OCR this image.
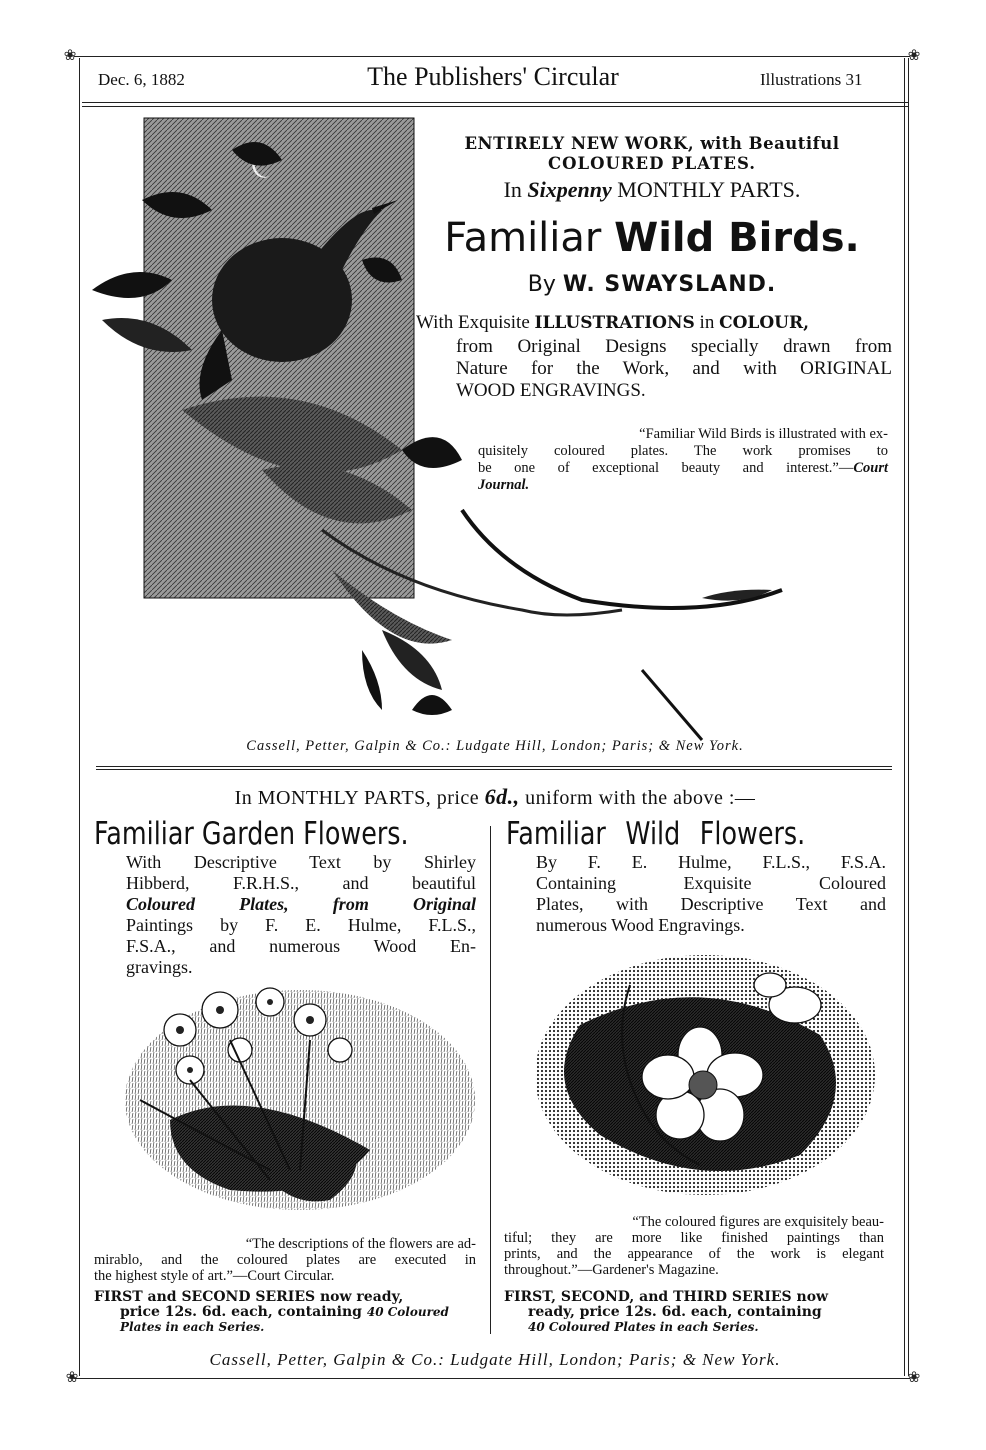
❀	❀
❀	❀
Dec. 6, 1882	The Publishers' Circular	Illustrations 31
ENTIRELY NEW WORK, with Beautiful
COLOURED PLATES.
In Sixpenny MONTHLY PARTS.
Familiar Wild Birds.
By W. SWAYSLAND.
With Exquisite ILLUSTRATIONS in COLOUR,
from Original Designs specially drawn from
Nature for the Work, and with ORIGINAL
WOOD ENGRAVINGS.
“Familiar Wild Birds is illustrated with ex-
quisitely coloured plates. The work promises to
be one of exceptional beauty and interest.”—Court
Journal.
Cassell, Petter, Galpin & Co.: Ludgate Hill, London; Paris; & New York.
In MONTHLY PARTS, price 6d., uniform with the above :—
Familiar Garden Flowers.
With Descriptive Text by Shirley
Hibberd, F.R.H.S., and beautiful
Coloured Plates, from Original
Paintings by F. E. Hulme, F.L.S.,
F.S.A., and numerous Wood En-
gravings.
“The descriptions of the flowers are ad-
mirablo, and the coloured plates are executed in
the highest style of art.”—Court Circular.
FIRST and SECOND SERIES now ready,
price 12s. 6d. each, containing 40 Coloured
Plates in each Series.
Familiar Wild Flowers.
By F. E. Hulme, F.L.S., F.S.A.
Containing Exquisite Coloured
Plates, with Descriptive Text and
numerous Wood Engravings.
“The coloured figures are exquisitely beau-
tiful; they are more like finished paintings than
prints, and the appearance of the work is elegant
throughout.”—Gardener's Magazine.
FIRST, SECOND, and THIRD SERIES now
ready, price 12s. 6d. each, containing
40 Coloured Plates in each Series.
Cassell, Petter, Galpin & Co.: Ludgate Hill, London; Paris; & New York.
